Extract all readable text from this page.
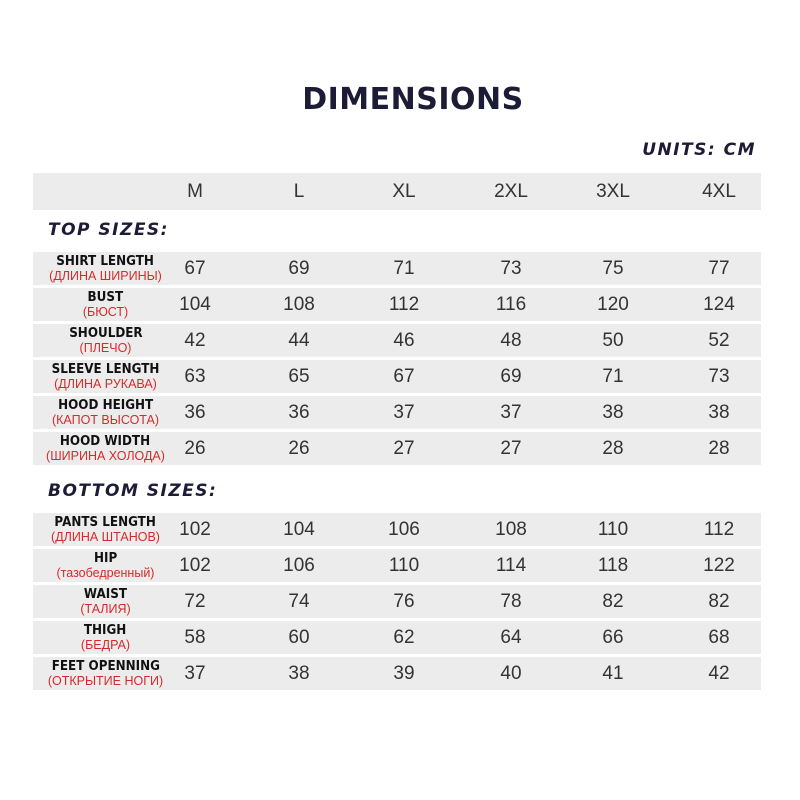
DIMENSIONS
UNITS: CM
M	L	XL	2XL	3XL	4XL
TOP SIZES:
BOTTOM SIZES:
SHIRT LENGTH
(ДЛИНА ШИРИНЫ)	67	69	71	73	75	77
BUST
(БЮСТ)	104	108	112	116	120	124
SHOULDER
(ПЛЕЧО)	42	44	46	48	50	52
SLEEVE LENGTH
(ДЛИНА РУКАВА)	63	65	67	69	71	73
HOOD HEIGHT
(КАПОТ ВЫСОТА)	36	36	37	37	38	38
HOOD WIDTH
(ШИРИНА ХОЛОДА)	26	26	27	27	28	28
PANTS LENGTH
(ДЛИНА ШТАНОВ)	102	104	106	108	110	112
HIP
(тазобедренный)	102	106	110	114	118	122
WAIST
(ТАЛИЯ)	72	74	76	78	82	82
THIGH
(БЕДРА)	58	60	62	64	66	68
FEET OPENNING
(ОТКРЫТИЕ НОГИ)	37	38	39	40	41	42
